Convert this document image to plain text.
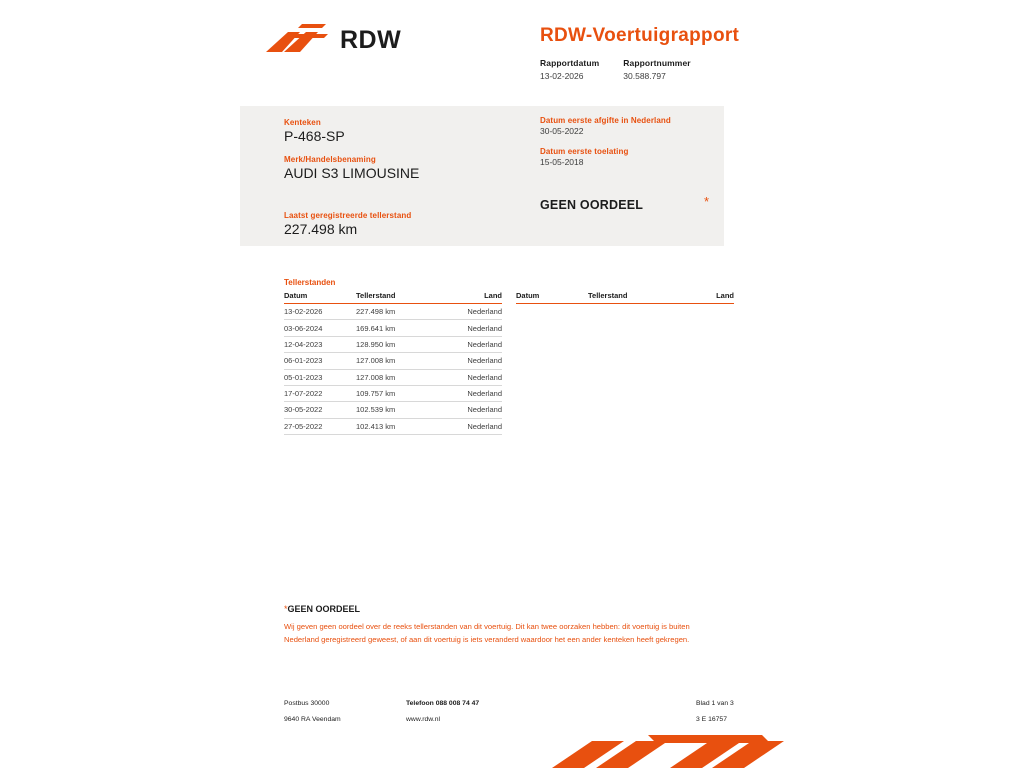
RDW	RDW-Voertuigrapport
Rapportdatum
13-02-2026
Rapportnummer
30.588.797
Kenteken
P-468-SP
Merk/Handelsbenaming
AUDI S3 LIMOUSINE
Laatst geregistreerde tellerstand
227.498 km
Datum eerste afgifte in Nederland
30-05-2022
Datum eerste toelating
15-05-2018
GEEN OORDEEL	*
Tellerstanden
Datum	Tellerstand	Land
13-02-2026	227.498 km	Nederland
03-06-2024	169.641 km	Nederland
12-04-2023	128.950 km	Nederland
06-01-2023	127.008 km	Nederland
05-01-2023	127.008 km	Nederland
17-07-2022	109.757 km	Nederland
30-05-2022	102.539 km	Nederland
27-05-2022	102.413 km	Nederland
Datum	Tellerstand	Land
*GEEN OORDEEL
Wij geven geen oordeel over de reeks tellerstanden van dit voertuig. Dit kan twee oorzaken hebben: dit voertuig is buiten Nederland geregistreerd geweest, of aan dit voertuig is iets veranderd waardoor het een ander kenteken heeft gekregen.
Postbus 30000
9640 RA Veendam
Telefoon 088 008 74 47
www.rdw.nl
Blad 1 van 3
3 E 16757
